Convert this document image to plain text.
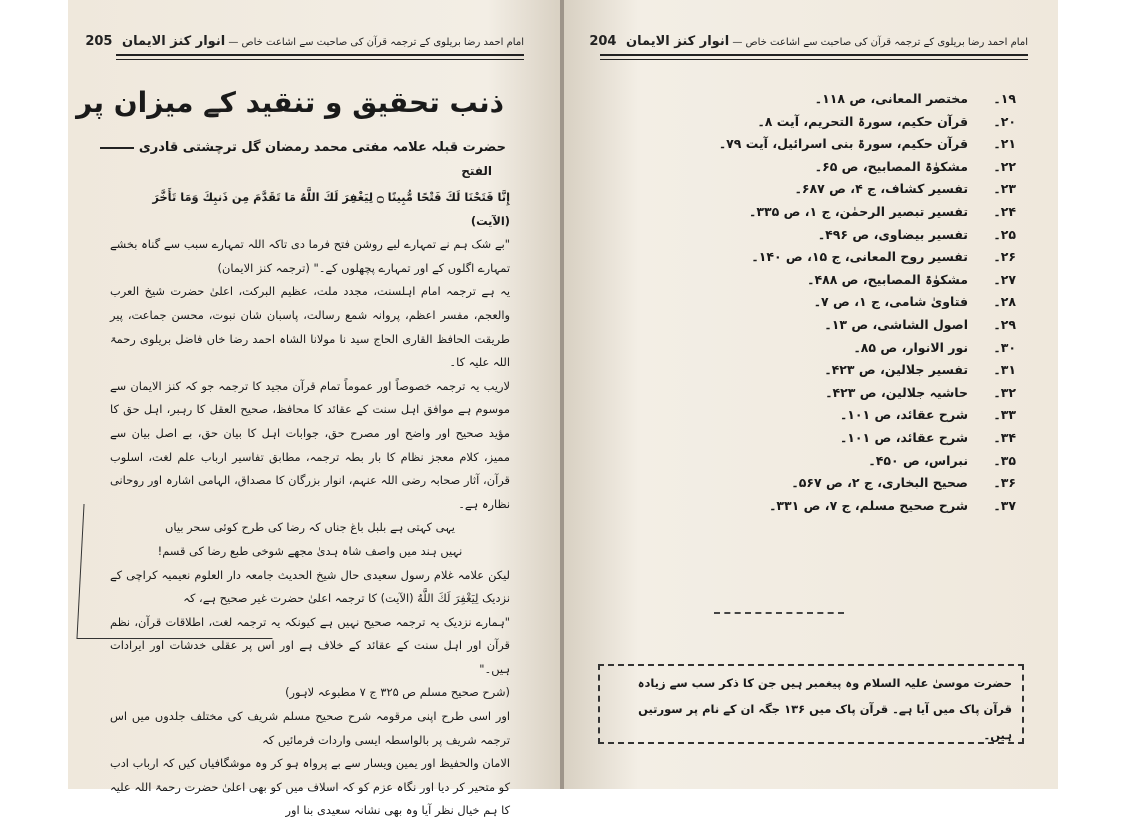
امام احمد رضا بریلوی کے ترجمہ قرآن کی صاحبت سے اشاعت خاص — انوار کنز الایمان   205
ذنب تحقیق و تنقید کے میزان پر
حضرت قبلہ علامہ مفتی محمد رمضان گل ترچشتی قادری
الفتح

إِنَّا فَتَحْنَا لَكَ فَتْحًا مُّبِينًا ۝ لِيَغْفِرَ لَكَ اللَّهُ مَا تَقَدَّمَ مِن ذَنبِكَ وَمَا تَأَخَّرَ (الآیت)

"بے شک ہم نے تمہارے لیے روشن فتح فرما دی تاکہ اللہ تمہارے سبب سے گناہ بخشے تمہارے اگلوں کے اور تمہارے پچھلوں کے۔" (ترجمہ کنز الایمان)

یہ ہے ترجمہ امام اہلسنت، مجدد ملت، عظیم البرکت، اعلیٰ حضرت شیخ العرب والعجم، مفسر اعظم، پروانہ شمع رسالت، پاسبان شان نبوت، محسن جماعت، پیر طریقت الحافظ القاری الحاج سید نا مولانا الشاہ احمد رضا خاں فاضل بریلوی رحمۃ اللہ علیہ کا۔

لاریب یہ ترجمہ خصوصاً اور عموماً تمام قرآن مجید کا ترجمہ جو کہ کنز الایمان سے موسوم ہے موافق اہل سنت کے عقائد کا محافظ، صحیح العقل کا رہبر، اہل حق کا مؤید صحیح اور واضح اور مصرح حق، جوابات اہل کا بیان حق، بے اصل بیان سے ممیز، کلام معجز نظام کا بار بطہ ترجمہ، مطابق تفاسیر ارباب علم لغت، اسلوب قرآن، آثار صحابہ رضی اللہ عنہم، انوار بزرگان کا مصداق، الہامی اشارہ اور روحانی نظارہ ہے۔

یہی کہتی ہے بلبل باغ جناں کہ رضا کی طرح کوئی سحر بیاں

نہیں ہند میں واصف شاہ ہدیٰ مجھے شوخی طبع رضا کی قسم!

لیکن علامہ غلام رسول سعیدی حال شیخ الحدیث جامعہ دار العلوم نعیمیہ کراچی کے نزدیک لِيَغْفِرَ لَكَ اللَّهُ (الآیت) کا ترجمہ اعلیٰ حضرت غیر صحیح ہے، کہ

"ہمارے نزدیک یہ ترجمہ صحیح نہیں ہے کیونکہ یہ ترجمہ لغت، اطلاقات قرآن، نظم قرآن اور اہل سنت کے عقائد کے خلاف ہے اور اس پر عقلی خدشات اور ایرادات ہیں۔"

(شرح صحیح مسلم ص ۳۲۵ ج ۷ مطبوعہ لاہور)

اور اسی طرح اپنی مرقومہ شرح صحیح مسلم شریف کی مختلف جلدوں میں اس ترجمہ شریف پر بالواسطہ ایسی واردات فرمائیں کہ

الامان والحفیظ اور یمین ویسار سے بے پرواہ ہو کر وہ موشگافیاں کیں کہ ارباب ادب کو متحیر کر دیا اور نگاہ عزم کو کہ اسلاف میں کو بھی اعلیٰ حضرت رحمۃ اللہ علیہ کا ہم خیال نظر آیا وہ بھی نشانہ سعیدی بنا اور

امام احمد رضا بریلوی کے ترجمہ قرآن کی صاحبت سے اشاعت خاص — انوار کنز الایمان   204
۱۹۔ مختصر المعانی، ص ۱۱۸۔
۲۰۔ قرآن حکیم، سورۃ التحریم، آیت ۸۔
۲۱۔ قرآن حکیم، سورۃ بنی اسرائیل، آیت ۷۹۔
۲۲۔ مشکوٰۃ المصابیح، ص ۶۵۔
۲۳۔ تفسیر کشاف، ج ۴، ص ۶۸۷۔
۲۴۔ تفسیر تبصیر الرحمٰن، ج ۱، ص ۳۳۵۔
۲۵۔ تفسیر بیضاوی، ص ۴۹۶۔
۲۶۔ تفسیر روح المعانی، ج ۱۵، ص ۱۴۰۔
۲۷۔ مشکوٰۃ المصابیح، ص ۴۸۸۔
۲۸۔ فتاویٰ شامی، ج ۱، ص ۷۔
۲۹۔ اصول الشاشی، ص ۱۳۔
۳۰۔ نور الانوار، ص ۸۵۔
۳۱۔ تفسیر جلالین، ص ۴۲۳۔
۳۲۔ حاشیہ جلالین، ص ۴۲۳۔
۳۳۔ شرح عقائد، ص ۱۰۱۔
۳۴۔ شرح عقائد، ص ۱۰۱۔
۳۵۔ نبراس، ص ۴۵۰۔
۳۶۔ صحیح البخاری، ج ۲، ص ۵۶۷۔
۳۷۔ شرح صحیح مسلم، ج ۷، ص ۳۳۱۔
حضرت موسیٰ علیہ السلام وہ پیغمبر ہیں جن کا ذکر سب سے زیادہ قرآن پاک میں آیا ہے۔ قرآن پاک میں ۱۳۶ جگہ ان کے نام پر سورتیں ہیں۔
